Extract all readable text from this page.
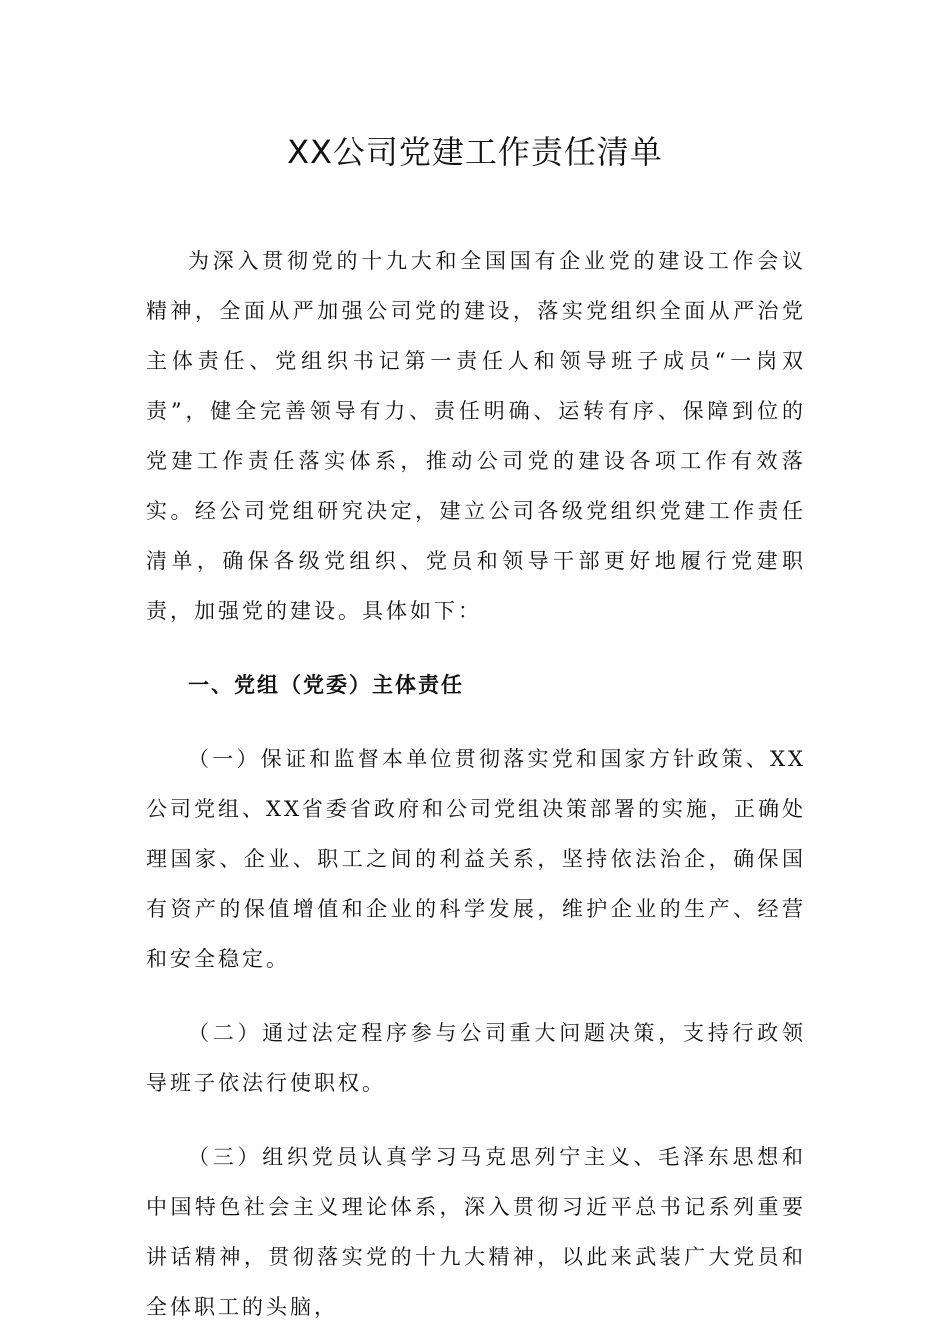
XX公司党建工作责任清单

为深入贯彻党的十九大和全国国有企业党的建设工作会议精神，全面从严加强公司党的建设，落实党组织全面从严治党主体责任、党组织书记第一责任人和领导班子成员“一岗双责”，健全完善领导有力、责任明确、运转有序、保障到位的党建工作责任落实体系，推动公司党的建设各项工作有效落实。经公司党组研究决定，建立公司各级党组织党建工作责任清单，确保各级党组织、党员和领导干部更好地履行党建职责，加强党的建设。具体如下：

一、党组（党委）主体责任

（一）保证和监督本单位贯彻落实党和国家方针政策、XX公司党组、XX省委省政府和公司党组决策部署的实施，正确处理国家、企业、职工之间的利益关系，坚持依法治企，确保国有资产的保值增值和企业的科学发展，维护企业的生产、经营和安全稳定。

（二）通过法定程序参与公司重大问题决策，支持行政领导班子依法行使职权。

（三）组织党员认真学习马克思列宁主义、毛泽东思想和中国特色社会主义理论体系，深入贯彻习近平总书记系列重要讲话精神，贯彻落实党的十九大精神，以此来武装广大党员和全体职工的头脑，
